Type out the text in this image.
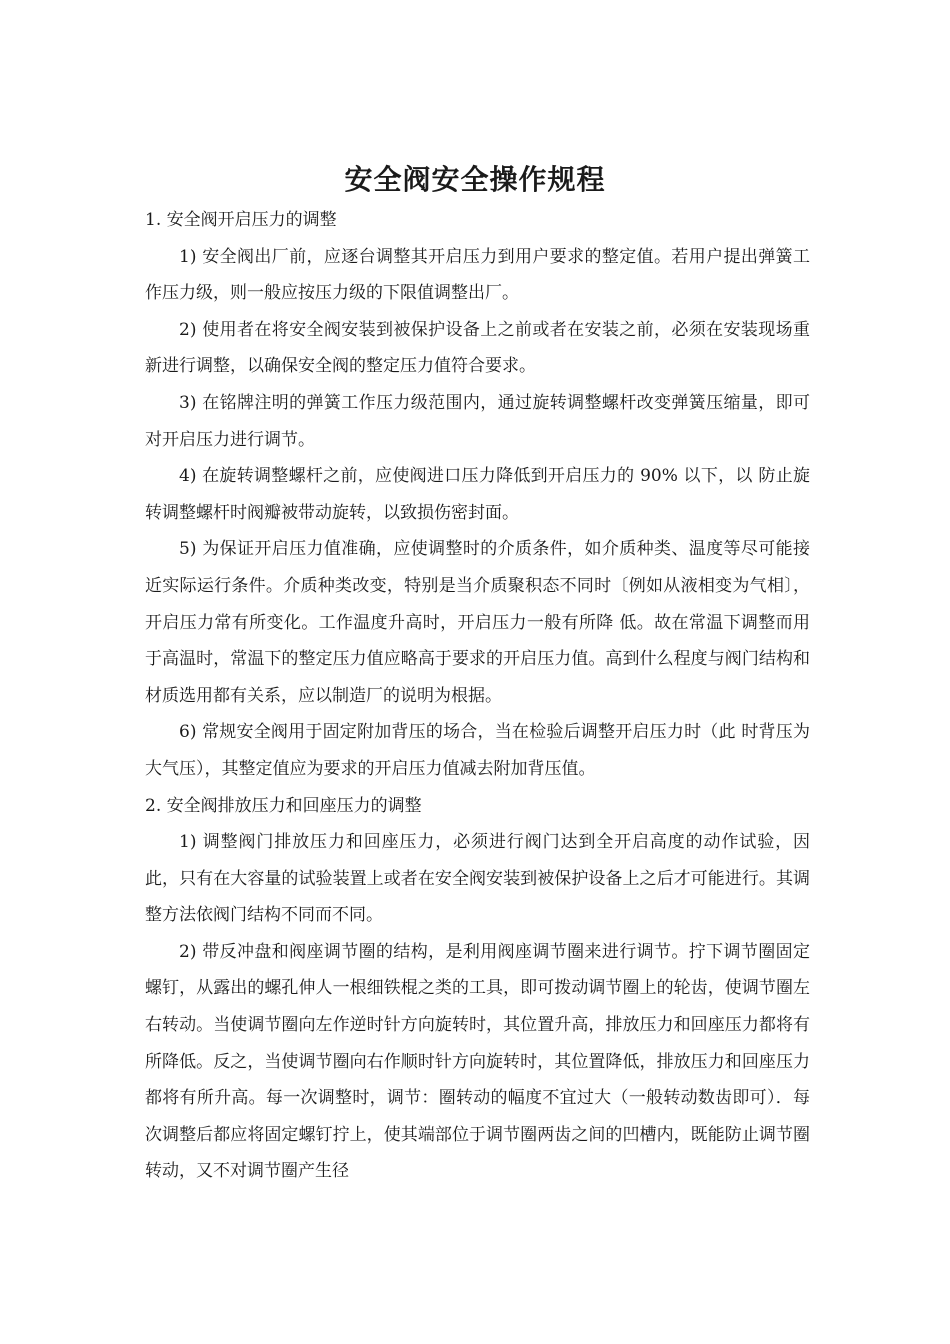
安全阀安全操作规程

1. 安全阀开启压力的调整

1) 安全阀出厂前，应逐台调整其开启压力到用户要求的整定值。若用户提出弹簧工作压力级，则一般应按压力级的下限值调整出厂。

2) 使用者在将安全阀安装到被保护设备上之前或者在安装之前，必须在安装现场重新进行调整，以确保安全阀的整定压力值符合要求。

3) 在铭牌注明的弹簧工作压力级范围内，通过旋转调整螺杆改变弹簧压缩量，即可对开启压力进行调节。

4) 在旋转调整螺杆之前，应使阀进口压力降低到开启压力的 90% 以下，以 防止旋转调整螺杆时阀瓣被带动旋转，以致损伤密封面。

5) 为保证开启压力值准确，应使调整时的介质条件，如介质种类、温度等尽可能接近实际运行条件。介质种类改变，特别是当介质聚积态不同时〔例如从液相变为气相〕，开启压力常有所变化。工作温度升高时，开启压力一般有所降 低。故在常温下调整而用于高温时，常温下的整定压力值应略高于要求的开启压力值。高到什么程度与阀门结构和材质选用都有关系，应以制造厂的说明为根据。

6) 常规安全阀用于固定附加背压的场合，当在检验后调整开启压力时（此 时背压为大气压），其整定值应为要求的开启压力值减去附加背压值。

2. 安全阀排放压力和回座压力的调整

1) 调整阀门排放压力和回座压力，必须进行阀门达到全开启高度的动作试验，因此，只有在大容量的试验装置上或者在安全阀安装到被保护设备上之后才可能进行。其调整方法依阀门结构不同而不同。

2) 带反冲盘和阀座调节圈的结构，是利用阀座调节圈来进行调节。拧下调节圈固定螺钉，从露出的螺孔伸人一根细铁棍之类的工具，即可拨动调节圈上的轮齿，使调节圈左右转动。当使调节圈向左作逆时针方向旋转时，其位置升高，排放压力和回座压力都将有所降低。反之，当使调节圈向右作顺时针方向旋转时，其位置降低，排放压力和回座压力都将有所升高。每一次调整时，调节：圈转动的幅度不宜过大（一般转动数齿即可）．每次调整后都应将固定螺钉拧上，使其端部位于调节圈两齿之间的凹槽内，既能防止调节圈转动，又不对调节圈产生径
